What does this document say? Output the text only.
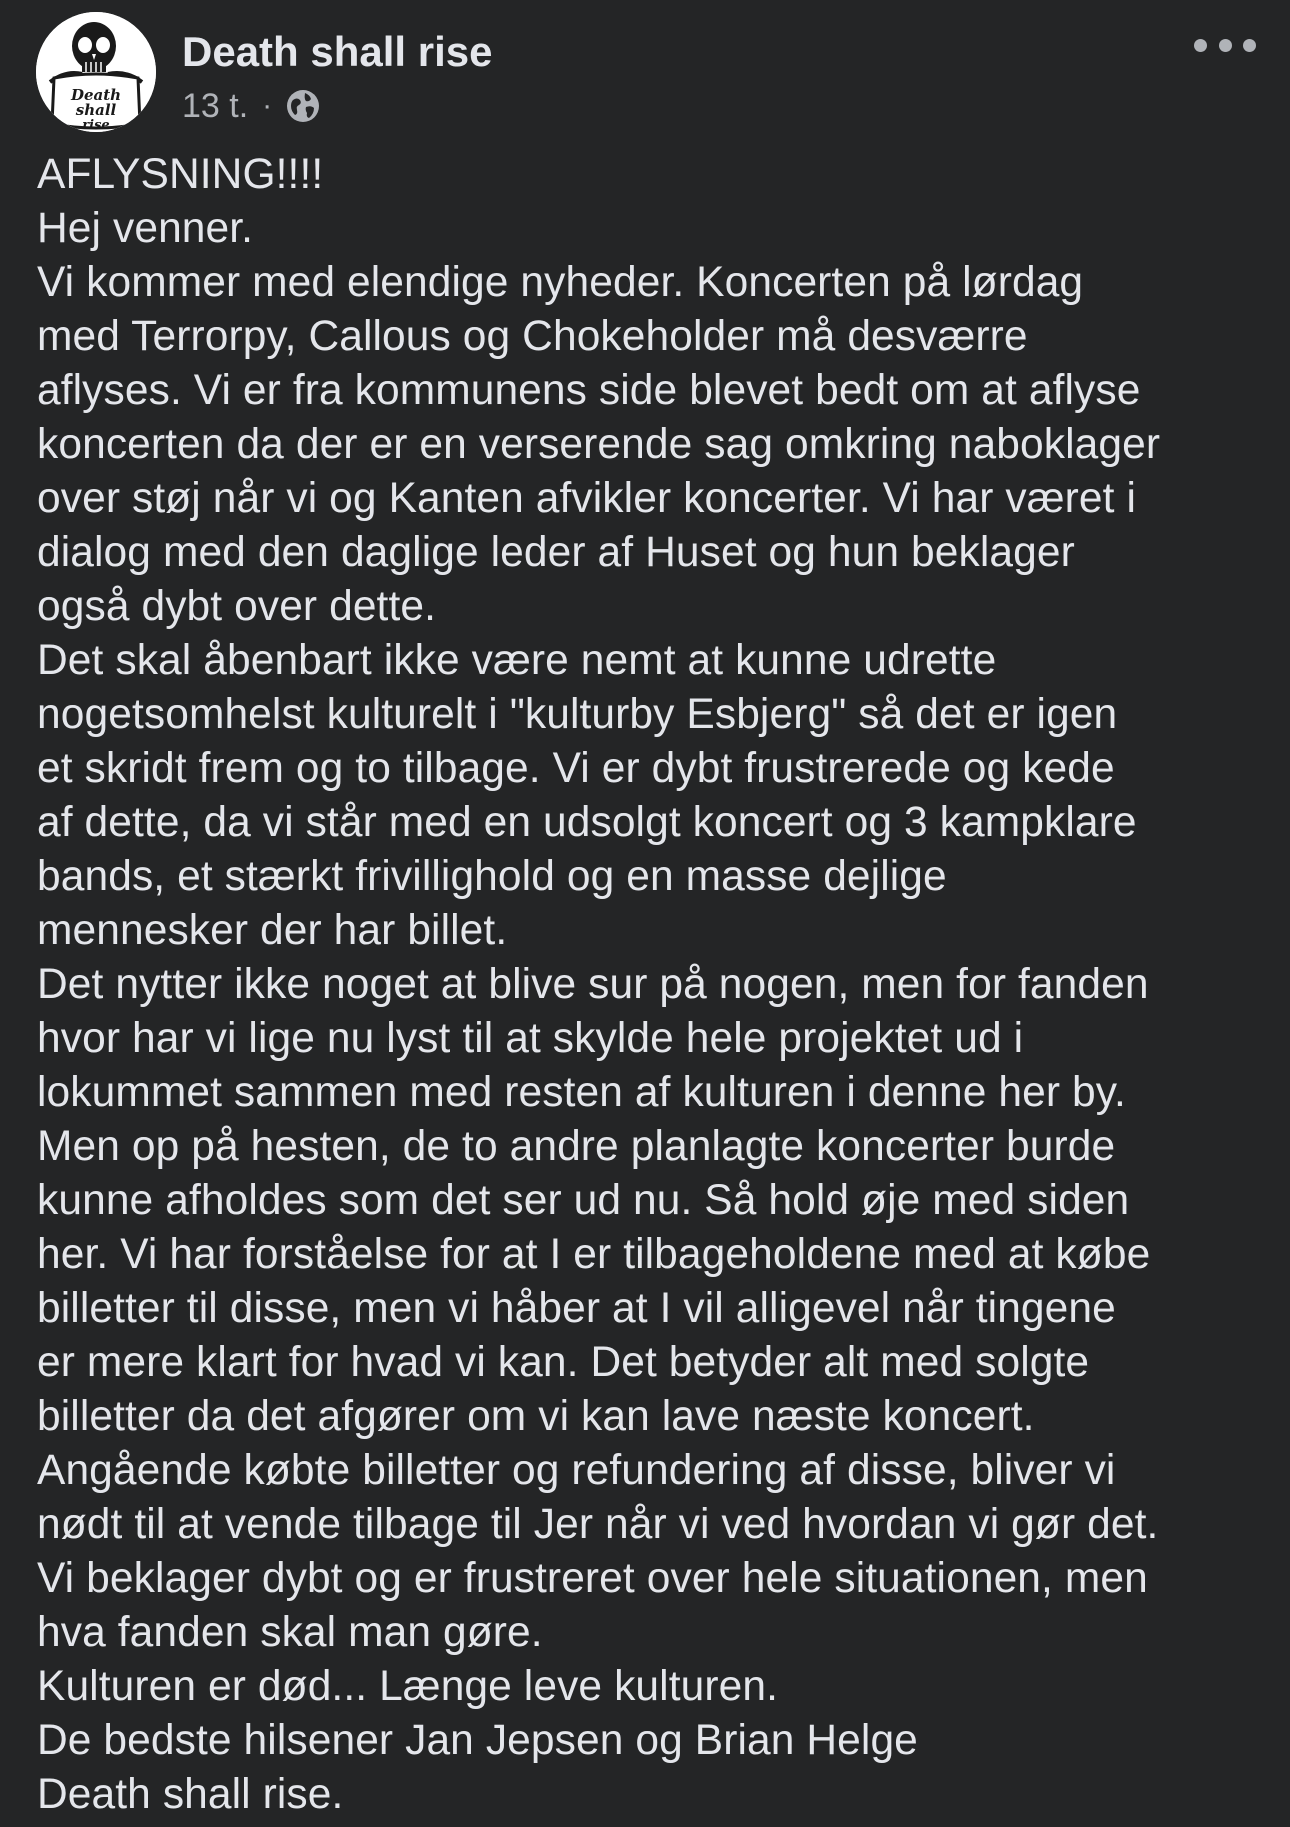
Death
shall
rise
Death shall rise
13 t. ·
AFLYSNING!!!!
Hej venner.
Vi kommer med elendige nyheder. Koncerten på lørdag
med Terrorpy, Callous og Chokeholder må desværre
aflyses. Vi er fra kommunens side blevet bedt om at aflyse
koncerten da der er en verserende sag omkring naboklager
over støj når vi og Kanten afvikler koncerter. Vi har været i
dialog med den daglige leder af Huset og hun beklager
også dybt over dette.
Det skal åbenbart ikke være nemt at kunne udrette
nogetsomhelst kulturelt i "kulturby Esbjerg" så det er igen
et skridt frem og to tilbage. Vi er dybt frustrerede og kede
af dette, da vi står med en udsolgt koncert og 3 kampklare
bands, et stærkt frivillighold og en masse dejlige
mennesker der har billet.
Det nytter ikke noget at blive sur på nogen, men for fanden
hvor har vi lige nu lyst til at skylde hele projektet ud i
lokummet sammen med resten af kulturen i denne her by.
Men op på hesten, de to andre planlagte koncerter burde
kunne afholdes som det ser ud nu. Så hold øje med siden
her. Vi har forståelse for at I er tilbageholdene med at købe
billetter til disse, men vi håber at I vil alligevel når tingene
er mere klart for hvad vi kan. Det betyder alt med solgte
billetter da det afgører om vi kan lave næste koncert.
Angående købte billetter og refundering af disse, bliver vi
nødt til at vende tilbage til Jer når vi ved hvordan vi gør det.
Vi beklager dybt og er frustreret over hele situationen, men
hva fanden skal man gøre.
Kulturen er død... Længe leve kulturen.
De bedste hilsener Jan Jepsen og Brian Helge
Death shall rise.
